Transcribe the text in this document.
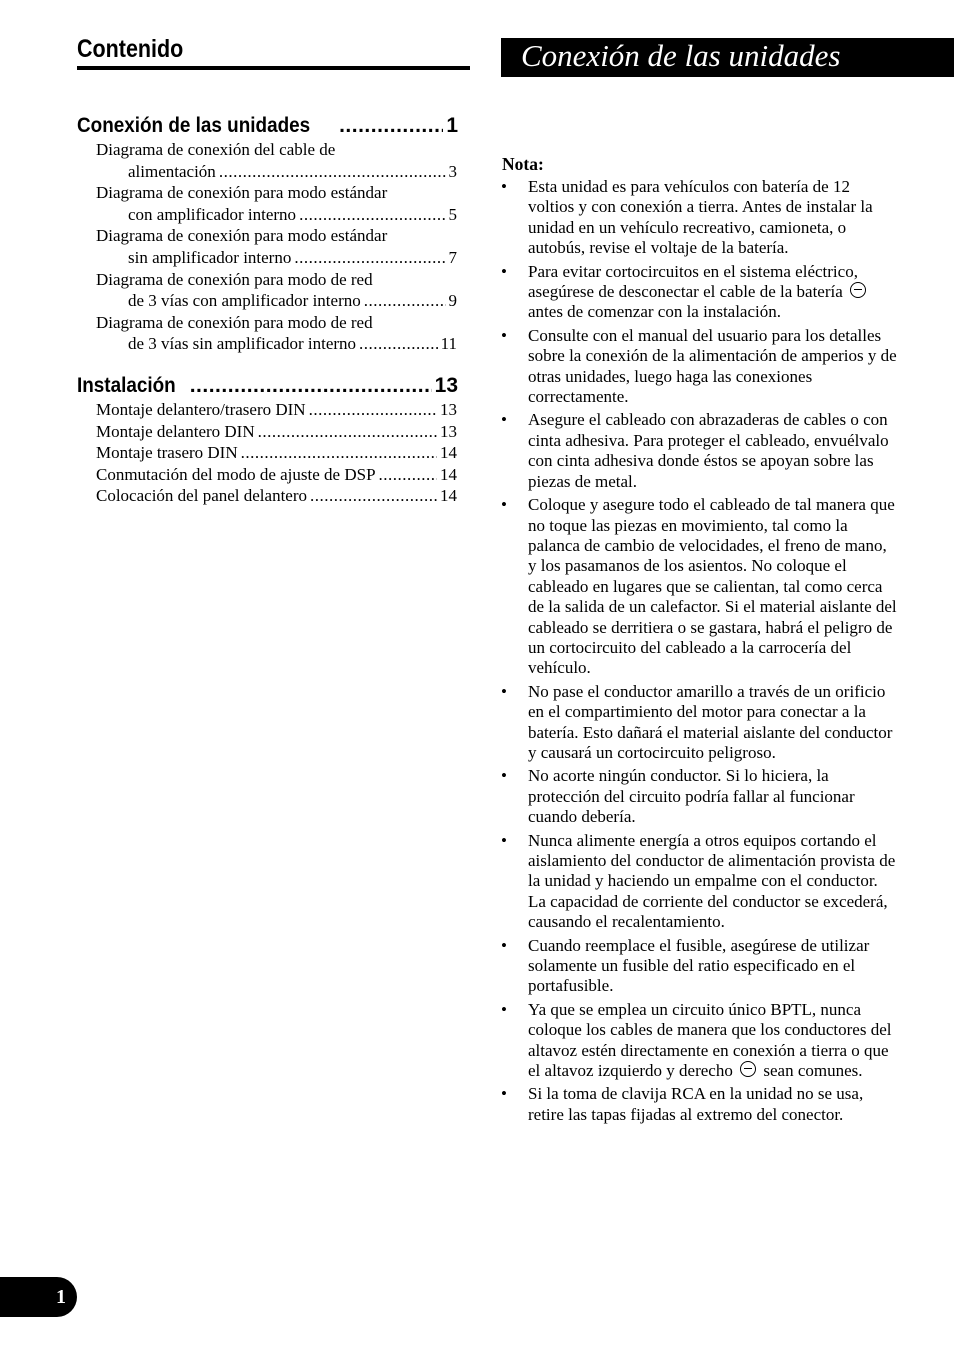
Contenido
Conexión de las unidades .....	1
Diagrama de conexión del cable de
alimentación .....	3
Diagrama de conexión para modo estándar
con amplificador interno .....	5
Diagrama de conexión para modo estándar
sin amplificador interno .....	7
Diagrama de conexión para modo de red
de 3 vías con amplificador interno .....	9
Diagrama de conexión para modo de red
de 3 vías sin amplificador interno .....	11
Instalación .....	13
Montaje delantero/trasero DIN .....	13
Montaje delantero DIN .....	13
Montaje trasero DIN .....	14
Conmutación del modo de ajuste de DSP .....	14
Colocación del panel delantero .....	14
Conexión de las unidades
Nota:
• Esta unidad es para vehículos con batería de 12 voltios y con conexión a tierra. Antes de instalar la unidad en un vehículo recreativo, camioneta, o autobús, revise el voltaje de la batería.
• Para evitar cortocircuitos en el sistema eléctrico, asegúrese de desconectar el cable de la batería  antes de comenzar con la instalación.
• Consulte con el manual del usuario para los detalles sobre la conexión de la alimentación de amperios y de otras unidades, luego haga las conexiones correctamente.
• Asegure el cableado con abrazaderas de cables o con cinta adhesiva. Para proteger el cableado, envuélvalo con cinta adhesiva donde éstos se apoyan sobre las piezas de metal.
• Coloque y asegure todo el cableado de tal manera que no toque las piezas en movimiento, tal como la palanca de cambio de velocidades, el freno de mano, y los pasamanos de los asientos. No coloque el cableado en lugares que se calientan, tal como cerca de la salida de un calefactor. Si el material aislante del cableado se derritiera o se gastara, habrá el peligro de un cortocircuito del cableado a la carrocería del vehículo.
• No pase el conductor amarillo a través de un orificio en el compartimiento del motor para conectar a la batería. Esto dañará el material aislante del conductor y causará un cortocircuito peligroso.
• No acorte ningún conductor. Si lo hiciera, la protección del circuito podría fallar al funcionar cuando debería.
• Nunca alimente energía a otros equipos cortando el aislamiento del conductor de alimentación provista de la unidad y haciendo un empalme con el conductor. La capacidad de corriente del conductor se excederá, causando el recalentamiento.
• Cuando reemplace el fusible, asegúrese de utilizar solamente un fusible del ratio especificado en el portafusible.
• Ya que se emplea un circuito único BPTL, nunca coloque los cables de manera que los conductores del altavoz estén directamente en conexión a tierra o que el altavoz izquierdo y derecho sean comunes.
• Si la toma de clavija RCA en la unidad no se usa, retire las tapas fijadas al extremo del conector.
1
